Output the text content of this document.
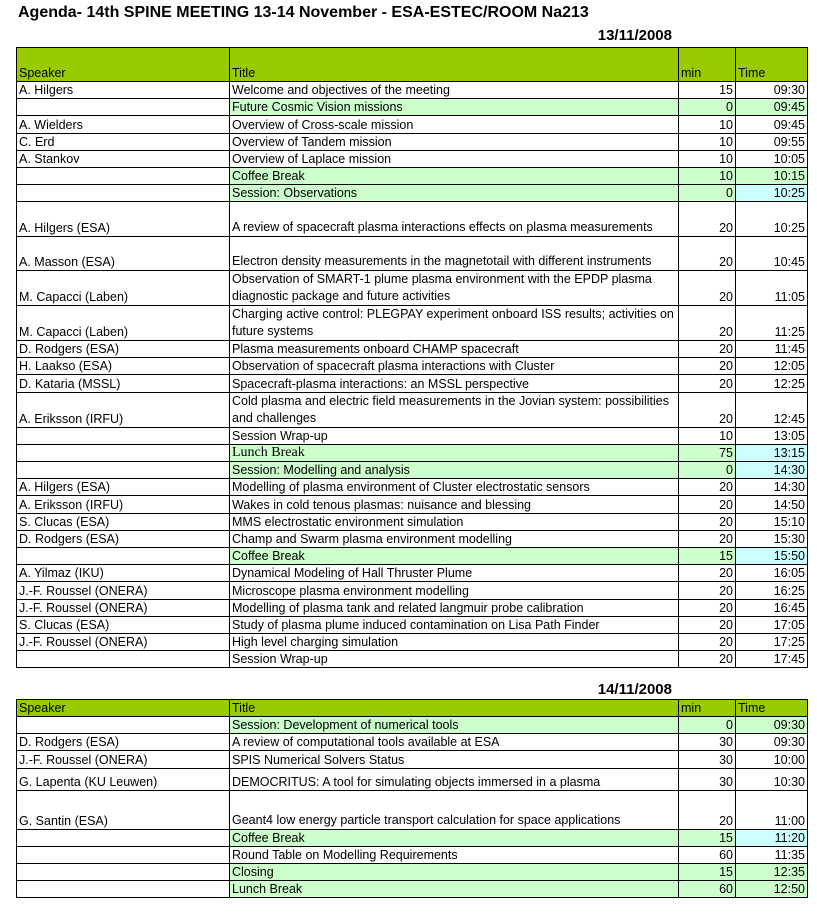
Agenda- 14th SPINE MEETING 13-14 November - ESA-ESTEC/ROOM Na213
13/11/2008
Speaker	Title	min	Time
A. Hilgers	Welcome and objectives of the meeting	15	09:30
	Future Cosmic Vision missions	0	09:45
A. Wielders	Overview of Cross-scale mission	10	09:45
C. Erd	Overview of Tandem mission	10	09:55
A. Stankov	Overview of Laplace mission	10	10:05
	Coffee Break	10	10:15
	Session: Observations	0	10:25
A. Hilgers (ESA)	A review of spacecraft plasma interactions effects on plasma measurements	20	10:25
A. Masson (ESA)	Electron density measurements in the magnetotail with different instruments	20	10:45
M. Capacci (Laben)	Observation of SMART-1 plume plasma environment with the EPDP plasma diagnostic package and future activities	20	11:05
M. Capacci (Laben)	Charging active control: PLEGPAY experiment onboard ISS results; activities on future systems	20	11:25
D. Rodgers (ESA)	Plasma measurements onboard CHAMP spacecraft	20	11:45
H. Laakso (ESA)	Observation of spacecraft plasma interactions with Cluster	20	12:05
D. Kataria (MSSL)	Spacecraft-plasma interactions: an MSSL perspective	20	12:25
A. Eriksson (IRFU)	Cold plasma and electric field measurements in the Jovian system: possibilities and challenges	20	12:45
	Session Wrap-up	10	13:05
	Lunch Break	75	13:15
	Session: Modelling and analysis	0	14:30
A. Hilgers (ESA)	Modelling of plasma environment of Cluster electrostatic sensors	20	14:30
A. Eriksson (IRFU)	Wakes in cold tenous plasmas: nuisance and blessing	20	14:50
S. Clucas (ESA)	MMS electrostatic environment simulation	20	15:10
D. Rodgers (ESA)	Champ and Swarm plasma environment modelling	20	15:30
	Coffee Break	15	15:50
A. Yilmaz (IKU)	Dynamical Modeling of Hall Thruster Plume	20	16:05
J.-F. Roussel (ONERA)	Microscope plasma environment modelling	20	16:25
J.-F. Roussel (ONERA)	Modelling of plasma tank and related langmuir probe calibration	20	16:45
S. Clucas (ESA)	Study of plasma plume induced contamination on Lisa Path Finder	20	17:05
J.-F. Roussel (ONERA)	High level charging simulation	20	17:25
	Session Wrap-up	20	17:45
14/11/2008
Speaker	Title	min	Time
	Session: Development of numerical tools	0	09:30
D. Rodgers (ESA)	A review of computational tools available at ESA	30	09:30
J.-F. Roussel (ONERA)	SPIS Numerical Solvers Status	30	10:00
G. Lapenta (KU Leuwen)	DEMOCRITUS: A tool for simulating objects immersed in a plasma	30	10:30
G. Santin (ESA)	Geant4 low energy particle transport calculation for space applications	20	11:00
	Coffee Break	15	11:20
	Round Table on Modelling Requirements	60	11:35
	Closing	15	12:35
	Lunch Break	60	12:50
